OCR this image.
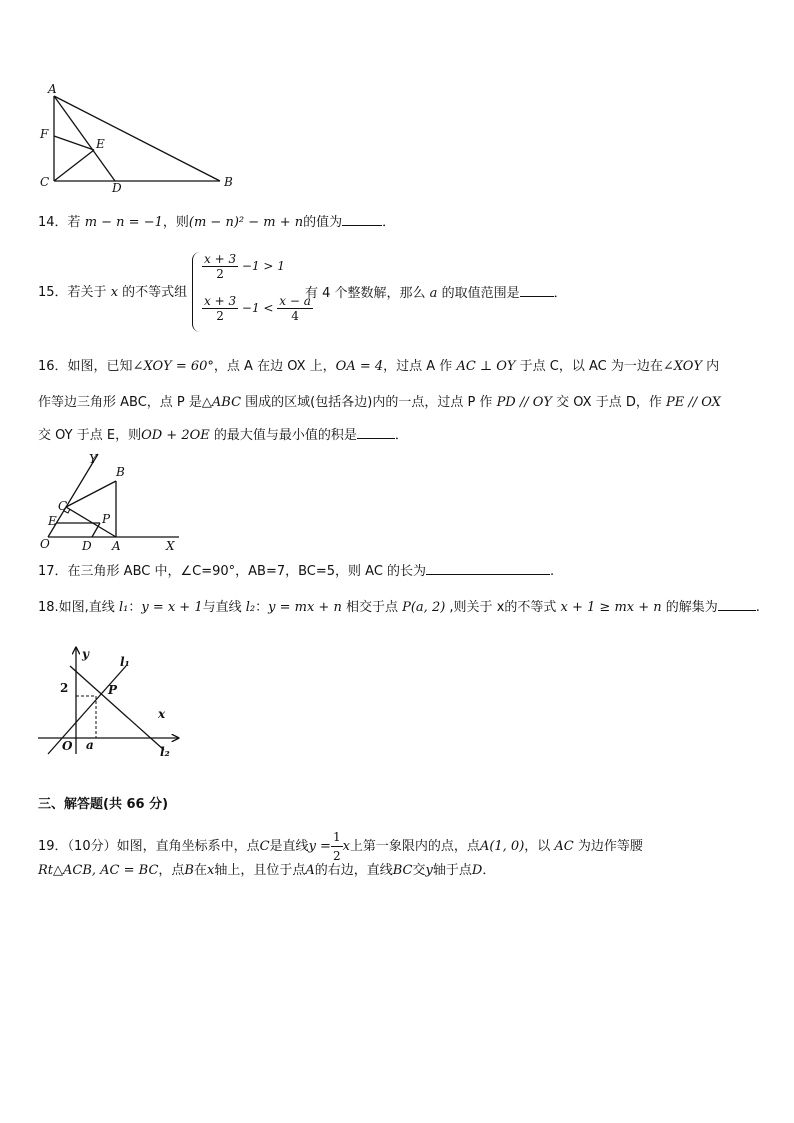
A
B
C	D
E
F
14．若 m − n = −1，则(m − n)² − m + n的值为	．
15．若关于 x 的不等式组
$\frac{x + 3}{2} -1 > 1$
$\frac{x + 3}{2} -1 < \frac{x - a}{4}$
有 4 个整数解，那么 a 的取值范围是	．
16．如图，已知∠XOY = 60°，点 A 在边 OX 上，OA = 4，过点 A 作 AC ⊥ OY 于点 C，以 AC 为一边在∠XOY 内
作等边三角形 ABC，点 P 是△ABC 围成的区域(包括各边)内的一点，过点 P 作 PD // OY 交 OX 于点 D，作 PE // OX
交 OY 于点 E，则OD + 2OE 的最大值与最小值的积是	．
Y
B
C
E	P
O	D A	X
17．在三角形 ABC 中，∠C=90°，AB=7，BC=5，则 AC 的长为	.
18.如图,直线 l₁：y = x + 1与直线 l₂：y = mx + n 相交于点 P(a, 2) ,则关于 x的不等式 x + 1 ≥ mx + n 的解集为	.
y
l₁
2	P
x
O a	l₂
三、解答题(共 66 分)
19．（10分）如图，直角坐标系中，点C是直线$y = \frac{1}{2}$ x上第一象限内的点，点A(1, 0)，以 AC 为边作等腰
Rt△ACB, AC = BC，点B在x轴上，且位于点A的右边，直线BC交y轴于点D．
